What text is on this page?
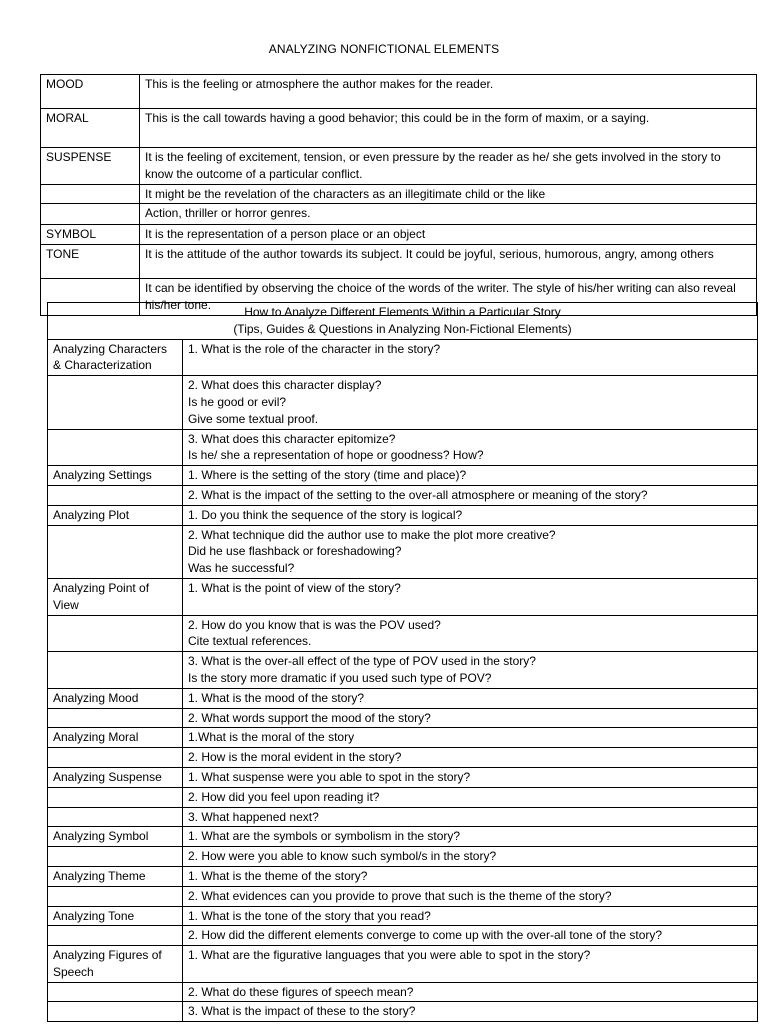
ANALYZING NONFICTIONAL ELEMENTS
MOOD	This is the feeling or atmosphere the author makes for the reader.
MORAL	This is the call towards having a good behavior; this could be in the form of maxim, or a saying.
SUSPENSE	It is the feeling of excitement, tension, or even pressure by the reader as he/ she gets involved in the story to know the outcome of a particular conflict.
	It might be the revelation of the characters as an illegitimate child or the like
	Action, thriller or horror genres.
SYMBOL	It is the representation of a person place or an object
TONE	It is the attitude of the author towards its subject. It could be joyful, serious, humorous, angry, among others
	It can be identified by observing the choice of the words of the writer. The style of his/her writing can also reveal his/her tone.
How to Analyze Different Elements Within a Particular Story
(Tips, Guides & Questions in Analyzing Non-Fictional Elements)	

Analyzing Characters & Characterization	1. What is the role of the character in the story?

	2. What does this character display?
Is he good or evil?
Give some textual proof.

	3. What does this character epitomize?
Is he/ she a representation of hope or goodness? How?

Analyzing Settings	1. Where is the setting of the story (time and place)?

	2. What is the impact of the setting to the over-all atmosphere or meaning of the story?

Analyzing Plot	1. Do you think the sequence of the story is logical?

	2. What technique did the author use to make the plot more creative?
Did he use flashback or foreshadowing?
Was he successful?

Analyzing Point of View	1. What is the point of view of the story?

	2. How do you know that is was the POV used?
Cite textual references.

	3. What is the over-all effect of the type of POV used in the story?
Is the story more dramatic if you used such type of POV?

Analyzing Mood	1. What is the mood of the story?

	2. What words support the mood of the story?

Analyzing Moral	1.What is the moral of the story

	2. How is the moral evident in the story?

Analyzing Suspense	1. What suspense were you able to spot in the story?

	2. How did you feel upon reading it?

	3. What happened next?

Analyzing Symbol	1. What are the symbols or symbolism in the story?

	2. How were you able to know such symbol/s in the story?

Analyzing Theme	1. What is the theme of the story?

	2. What evidences can you provide to prove that such is the theme of the story?

Analyzing Tone	1. What is the tone of the story that you read?

	2. How did the different elements converge to come up with the over-all tone of the story?

Analyzing Figures of Speech	1. What are the figurative languages that you were able to spot in the story?

	2. What do these figures of speech mean?

	3. What is the impact of these to the story?
